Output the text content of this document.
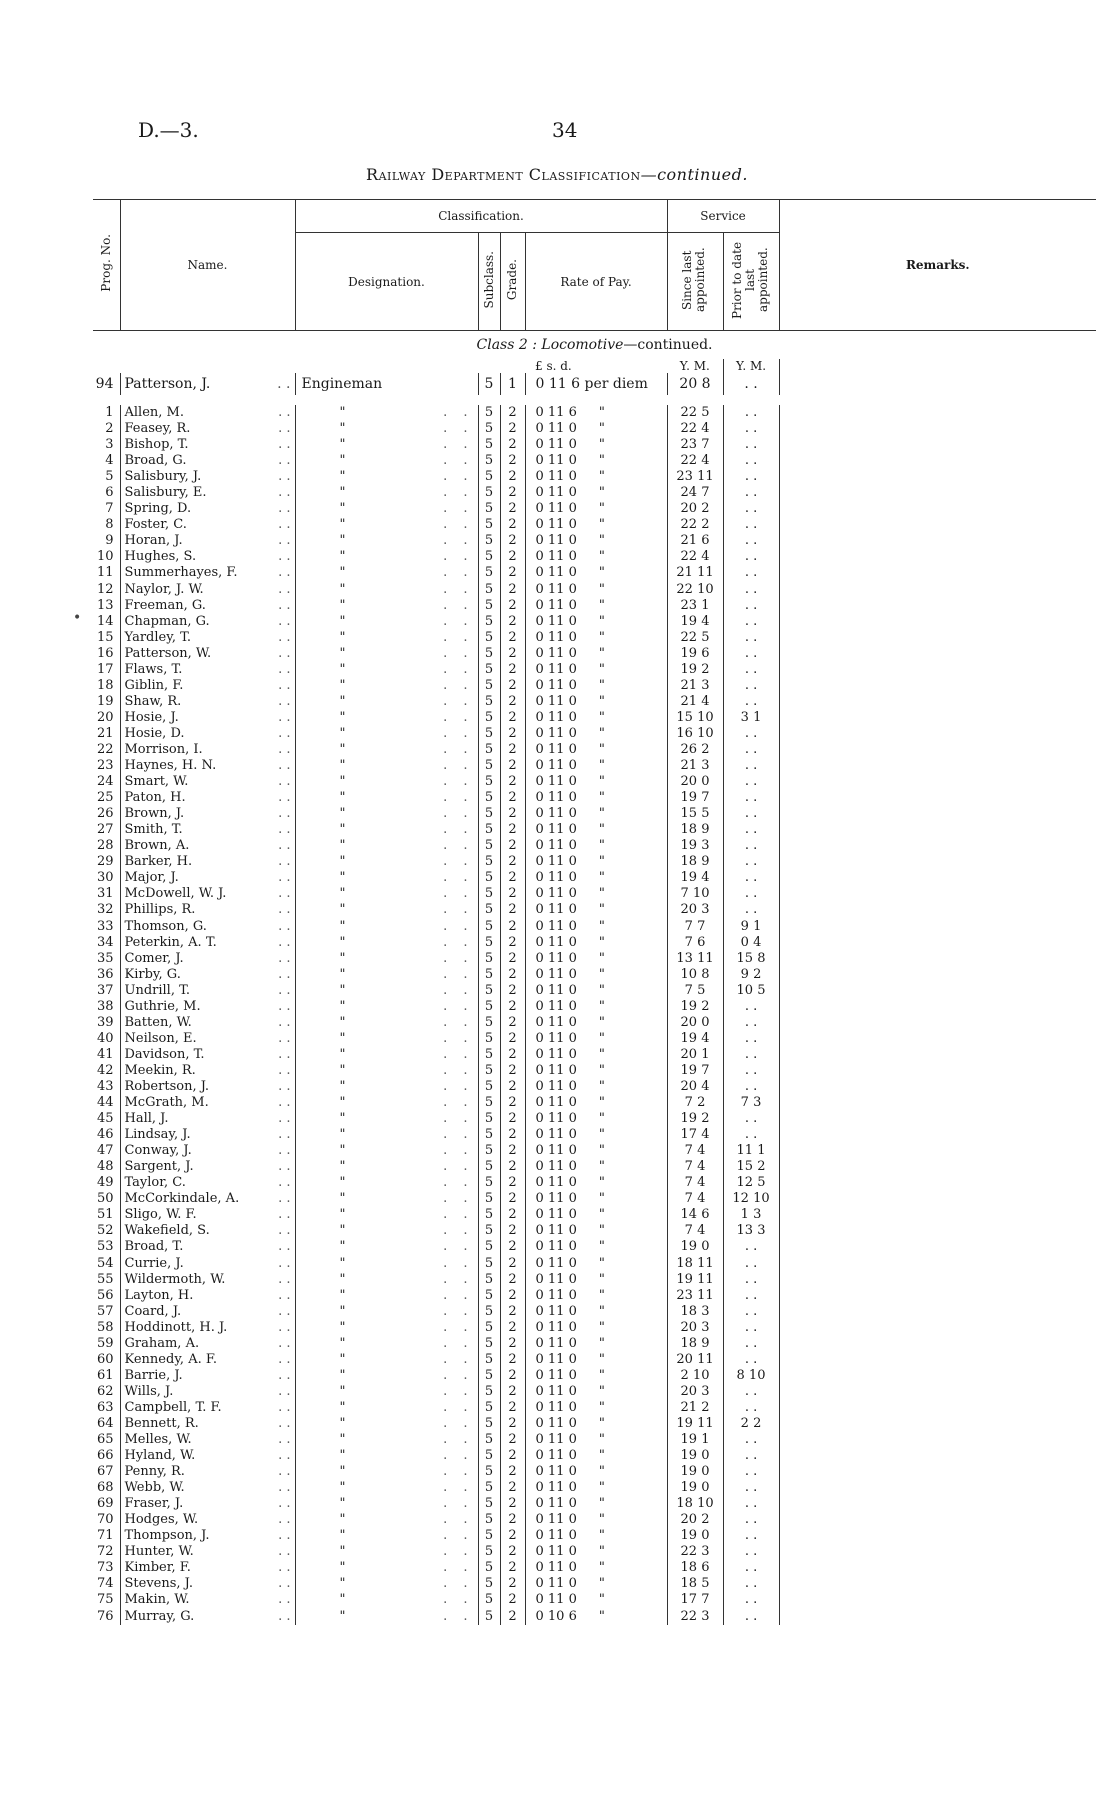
D.—3.	34
Railway Department Classification—continued.
Prog. No.	Name.	Classification.				Service		Remarks.
		Designation.	Subclass.	Grade.	Rate of Pay.	Since last appointed.	Prior to date last appointed.	
Class 2 : Locomotive—continued.								
					£ s. d.	Y. M.	Y. M.	
94	Patterson, J. . .	Engineman	5	1	0 11 6 per diem	20 8	. .	

1	Allen, M. . .	" . .	5	2	0 11 6 "	22 5	. .	
2	Feasey, R. . .	" . .	5	2	0 11 0 "	22 4	. .	
3	Bishop, T. . .	" . .	5	2	0 11 0 "	23 7	. .	
4	Broad, G. . .	" . .	5	2	0 11 0 "	22 4	. .	
5	Salisbury, J. . .	" . .	5	2	0 11 0 "	23 11	. .	
6	Salisbury, E. . .	" . .	5	2	0 11 0 "	24 7	. .	
7	Spring, D. . .	" . .	5	2	0 11 0 "	20 2	. .	
8	Foster, C. . .	" . .	5	2	0 11 0 "	22 2	. .	
9	Horan, J. . .	" . .	5	2	0 11 0 "	21 6	. .	
10	Hughes, S. . .	" . .	5	2	0 11 0 "	22 4	. .	
11	Summerhayes, F. . .	" . .	5	2	0 11 0 "	21 11	. .	
12	Naylor, J. W. . .	" . .	5	2	0 11 0 "	22 10	. .	
13	Freeman, G. . .	" . .	5	2	0 11 0 "	23 1	. .	
14	Chapman, G. . .	" . .	5	2	0 11 0 "	19 4	. .	
15	Yardley, T. . .	" . .	5	2	0 11 0 "	22 5	. .	
16	Patterson, W. . .	" . .	5	2	0 11 0 "	19 6	. .	
17	Flaws, T. . .	" . .	5	2	0 11 0 "	19 2	. .	
18	Giblin, F. . .	" . .	5	2	0 11 0 "	21 3	. .	
19	Shaw, R. . .	" . .	5	2	0 11 0 "	21 4	. .	
20	Hosie, J. . .	" . .	5	2	0 11 0 "	15 10	3 1	
21	Hosie, D. . .	" . .	5	2	0 11 0 "	16 10	. .	
22	Morrison, I. . .	" . .	5	2	0 11 0 "	26 2	. .	
23	Haynes, H. N. . .	" . .	5	2	0 11 0 "	21 3	. .	
24	Smart, W. . .	" . .	5	2	0 11 0 "	20 0	. .	
25	Paton, H. . .	" . .	5	2	0 11 0 "	19 7	. .	
26	Brown, J. . .	" . .	5	2	0 11 0 "	15 5	. .	
27	Smith, T. . .	" . .	5	2	0 11 0 "	18 9	. .	
28	Brown, A. . .	" . .	5	2	0 11 0 "	19 3	. .	
29	Barker, H. . .	" . .	5	2	0 11 0 "	18 9	. .	
30	Major, J. . .	" . .	5	2	0 11 0 "	19 4	. .	
31	McDowell, W. J. . .	" . .	5	2	0 11 0 "	7 10	. .	
32	Phillips, R. . .	" . .	5	2	0 11 0 "	20 3	. .	
33	Thomson, G. . .	" . .	5	2	0 11 0 "	7 7	9 1	
34	Peterkin, A. T. . .	" . .	5	2	0 11 0 "	7 6	0 4	
35	Comer, J. . .	" . .	5	2	0 11 0 "	13 11	15 8	
36	Kirby, G. . .	" . .	5	2	0 11 0 "	10 8	9 2	
37	Undrill, T. . .	" . .	5	2	0 11 0 "	7 5	10 5	
38	Guthrie, M. . .	" . .	5	2	0 11 0 "	19 2	. .	
39	Batten, W. . .	" . .	5	2	0 11 0 "	20 0	. .	
40	Neilson, E. . .	" . .	5	2	0 11 0 "	19 4	. .	
41	Davidson, T. . .	" . .	5	2	0 11 0 "	20 1	. .	
42	Meekin, R. . .	" . .	5	2	0 11 0 "	19 7	. .	
43	Robertson, J. . .	" . .	5	2	0 11 0 "	20 4	. .	
44	McGrath, M. . .	" . .	5	2	0 11 0 "	7 2	7 3	
45	Hall, J. . .	" . .	5	2	0 11 0 "	19 2	. .	
46	Lindsay, J. . .	" . .	5	2	0 11 0 "	17 4	. .	
47	Conway, J. . .	" . .	5	2	0 11 0 "	7 4	11 1	
48	Sargent, J. . .	" . .	5	2	0 11 0 "	7 4	15 2	
49	Taylor, C. . .	" . .	5	2	0 11 0 "	7 4	12 5	
50	McCorkindale, A. . .	" . .	5	2	0 11 0 "	7 4	12 10	
51	Sligo, W. F. . .	" . .	5	2	0 11 0 "	14 6	1 3	
52	Wakefield, S. . .	" . .	5	2	0 11 0 "	7 4	13 3	
53	Broad, T. . .	" . .	5	2	0 11 0 "	19 0	. .	
54	Currie, J. . .	" . .	5	2	0 11 0 "	18 11	. .	
55	Wildermoth, W. . .	" . .	5	2	0 11 0 "	19 11	. .	
56	Layton, H. . .	" . .	5	2	0 11 0 "	23 11	. .	
57	Coard, J. . .	" . .	5	2	0 11 0 "	18 3	. .	
58	Hoddinott, H. J. . .	" . .	5	2	0 11 0 "	20 3	. .	
59	Graham, A. . .	" . .	5	2	0 11 0 "	18 9	. .	
60	Kennedy, A. F. . .	" . .	5	2	0 11 0 "	20 11	. .	
61	Barrie, J. . .	" . .	5	2	0 11 0 "	2 10	8 10	
62	Wills, J. . .	" . .	5	2	0 11 0 "	20 3	. .	
63	Campbell, T. F. . .	" . .	5	2	0 11 0 "	21 2	. .	
64	Bennett, R. . .	" . .	5	2	0 11 0 "	19 11	2 2	
65	Melles, W. . .	" . .	5	2	0 11 0 "	19 1	. .	
66	Hyland, W. . .	" . .	5	2	0 11 0 "	19 0	. .	
67	Penny, R. . .	" . .	5	2	0 11 0 "	19 0	. .	
68	Webb, W. . .	" . .	5	2	0 11 0 "	19 0	. .	
69	Fraser, J. . .	" . .	5	2	0 11 0 "	18 10	. .	
70	Hodges, W. . .	" . .	5	2	0 11 0 "	20 2	. .	
71	Thompson, J. . .	" . .	5	2	0 11 0 "	19 0	. .	
72	Hunter, W. . .	" . .	5	2	0 11 0 "	22 3	. .	
73	Kimber, F. . .	" . .	5	2	0 11 0 "	18 6	. .	
74	Stevens, J. . .	" . .	5	2	0 11 0 "	18 5	. .	
75	Makin, W. . .	" . .	5	2	0 11 0 "	17 7	. .	
76	Murray, G. . .	" . .	5	2	0 10 6 "	22 3	. .	
•
